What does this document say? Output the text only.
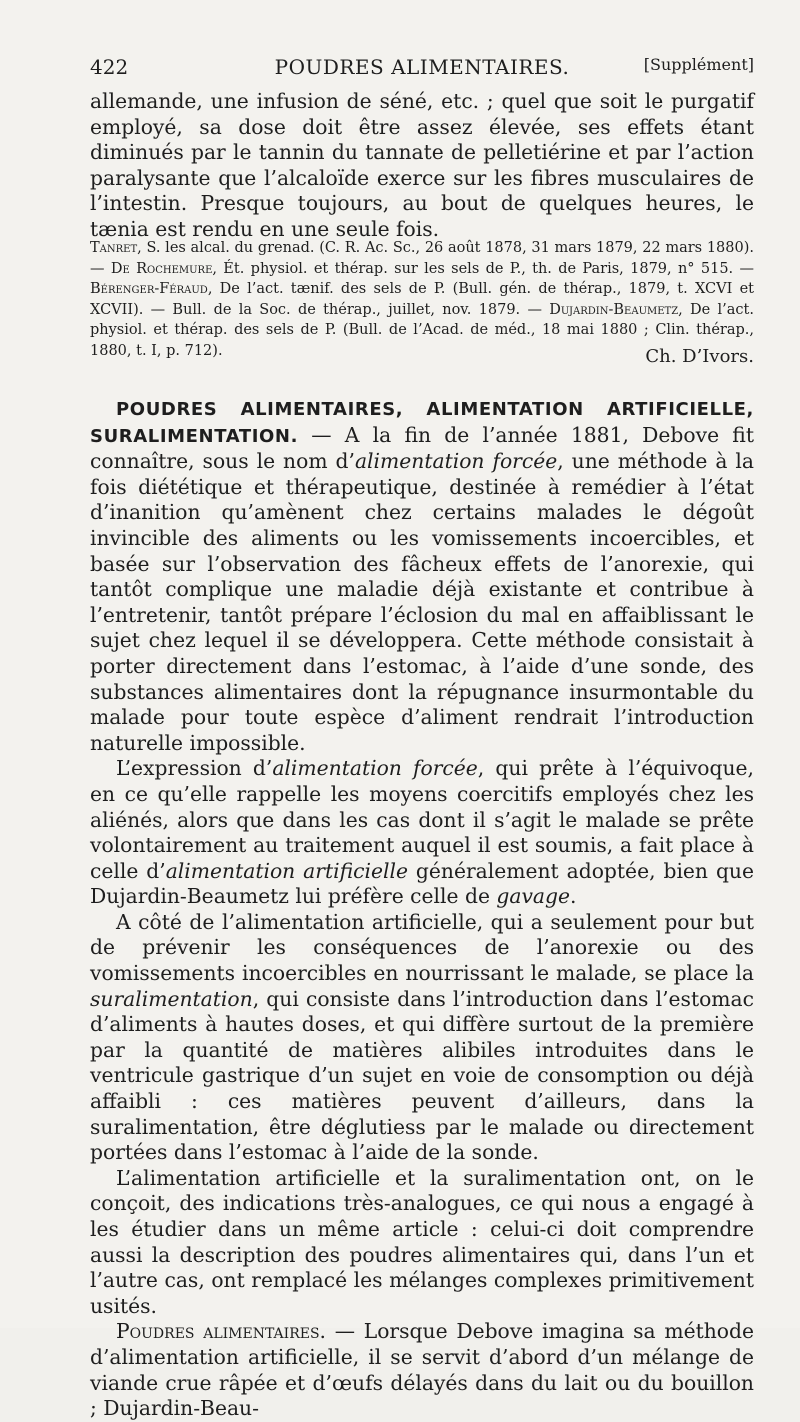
422	POUDRES ALIMENTAIRES.	[Supplément]

allemande, une infusion de séné, etc. ; quel que soit le purgatif employé, sa dose doit être assez élevée, ses effets étant diminués par le tannin du tannate de pelletiérine et par l’action paralysante que l’alcaloïde exerce sur les fibres musculaires de l’intestin. Presque toujours, au bout de quelques heures, le tænia est rendu en une seule fois.

Tanret, S. les alcal. du grenad. (C. R. Ac. Sc., 26 août 1878, 31 mars 1879, 22 mars 1880). — De Rochemure, Ét. physiol. et thérap. sur les sels de P., th. de Paris, 1879, n° 515. — Bérenger-Féraud, De l’act. tænif. des sels de P. (Bull. gén. de thérap., 1879, t. XCVI et XCVII). — Bull. de la Soc. de thérap., juillet, nov. 1879. — Dujardin-Beaumetz, De l’act. physiol. et thérap. des sels de P. (Bull. de l’Acad. de méd., 18 mai 1880 ; Clin. thérap., 1880, t. I, p. 712).	Ch. D’Ivors.

POUDRES ALIMENTAIRES, ALIMENTATION ARTIFICIELLE, SURALIMENTATION. — A la fin de l’année 1881, Debove fit connaître, sous le nom d’alimentation forcée, une méthode à la fois diététique et thérapeutique, destinée à remédier à l’état d’inanition qu’amènent chez certains malades le dégoût invincible des aliments ou les vomissements incoercibles, et basée sur l’observation des fâcheux effets de l’anorexie, qui tantôt complique une maladie déjà existante et contribue à l’entretenir, tantôt prépare l’éclosion du mal en affaiblissant le sujet chez lequel il se développera. Cette méthode consistait à porter directement dans l’estomac, à l’aide d’une sonde, des substances alimentaires dont la répugnance insurmontable du malade pour toute espèce d’aliment rendrait l’introduction naturelle impossible.

L’expression d’alimentation forcée, qui prête à l’équivoque, en ce qu’elle rappelle les moyens coercitifs employés chez les aliénés, alors que dans les cas dont il s’agit le malade se prête volontairement au traitement auquel il est soumis, a fait place à celle d’alimentation artificielle généralement adoptée, bien que Dujardin-Beaumetz lui préfère celle de gavage.

A côté de l’alimentation artificielle, qui a seulement pour but de prévenir les conséquences de l’anorexie ou des vomissements incoercibles en nourrissant le malade, se place la suralimentation, qui consiste dans l’introduction dans l’estomac d’aliments à hautes doses, et qui diffère surtout de la première par la quantité de matières alibiles introduites dans le ventricule gastrique d’un sujet en voie de consomption ou déjà affaibli : ces matières peuvent d’ailleurs, dans la suralimentation, être déglutiess par le malade ou directement portées dans l’estomac à l’aide de la sonde.

L’alimentation artificielle et la suralimentation ont, on le conçoit, des indications très-analogues, ce qui nous a engagé à les étudier dans un même article : celui-ci doit comprendre aussi la description des poudres alimentaires qui, dans l’un et l’autre cas, ont remplacé les mélanges complexes primitivement usités.

Poudres alimentaires. — Lorsque Debove imagina sa méthode d’alimentation artificielle, il se servit d’abord d’un mélange de viande crue râpée et d’œufs délayés dans du lait ou du bouillon ; Dujardin-Beau-
